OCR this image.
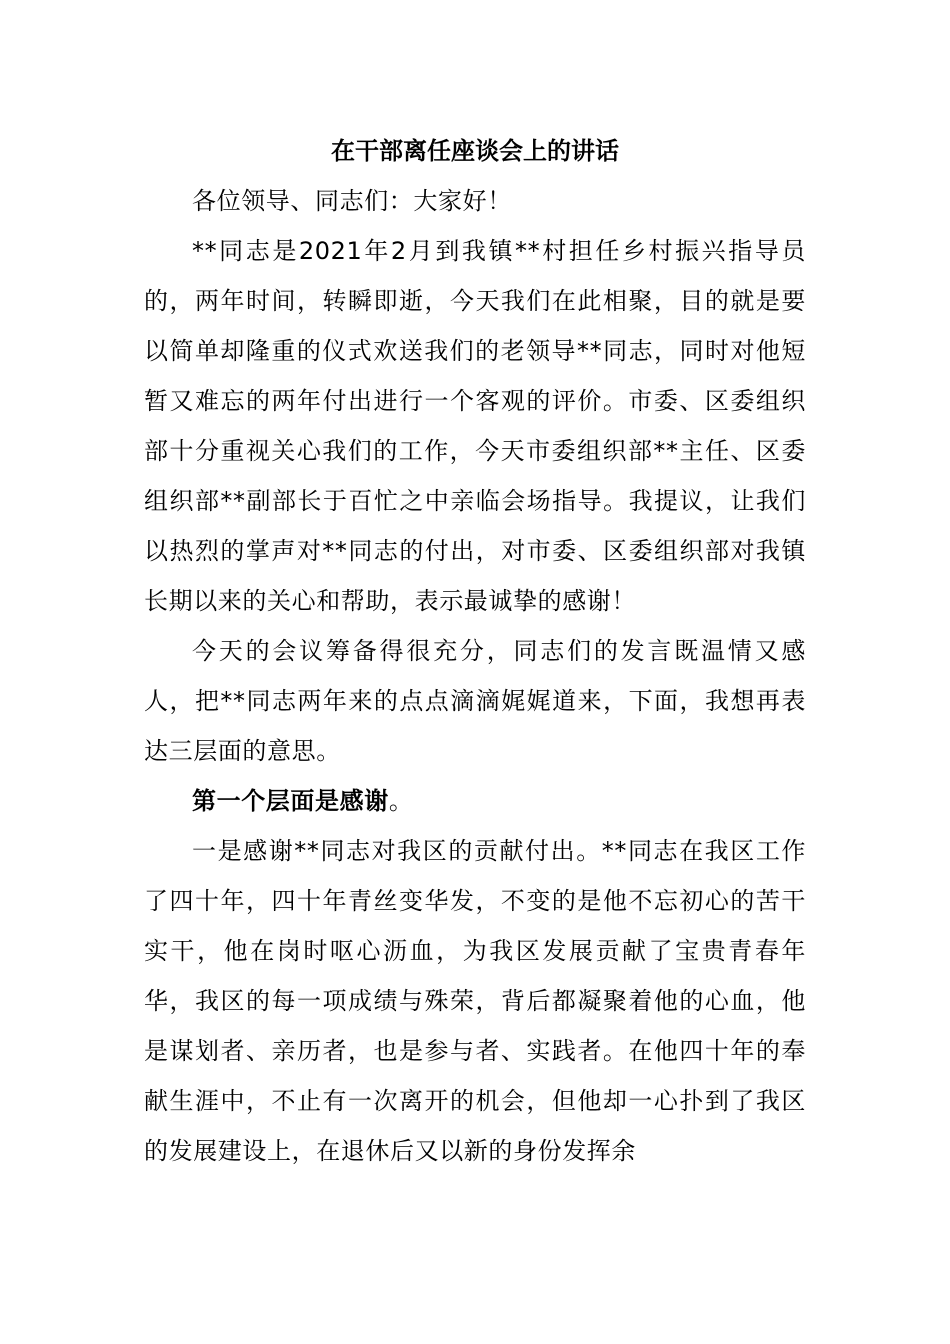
在干部离任座谈会上的讲话

各位领导、同志们：大家好！

**同志是2021年2月到我镇**村担任乡村振兴指导员的，两年时间，转瞬即逝，今天我们在此相聚，目的就是要以简单却隆重的仪式欢送我们的老领导**同志，同时对他短暂又难忘的两年付出进行一个客观的评价。市委、区委组织部十分重视关心我们的工作，今天市委组织部**主任、区委组织部**副部长于百忙之中亲临会场指导。我提议，让我们以热烈的掌声对**同志的付出，对市委、区委组织部对我镇长期以来的关心和帮助，表示最诚挚的感谢！

今天的会议筹备得很充分，同志们的发言既温情又感人，把**同志两年来的点点滴滴娓娓道来，下面，我想再表达三层面的意思。

第一个层面是感谢。

一是感谢**同志对我区的贡献付出。**同志在我区工作了四十年，四十年青丝变华发，不变的是他不忘初心的苦干实干，他在岗时呕心沥血，为我区发展贡献了宝贵青春年华，我区的每一项成绩与殊荣，背后都凝聚着他的心血，他是谋划者、亲历者，也是参与者、实践者。在他四十年的奉献生涯中，不止有一次离开的机会，但他却一心扑到了我区的发展建设上，在退休后又以新的身份发挥余
